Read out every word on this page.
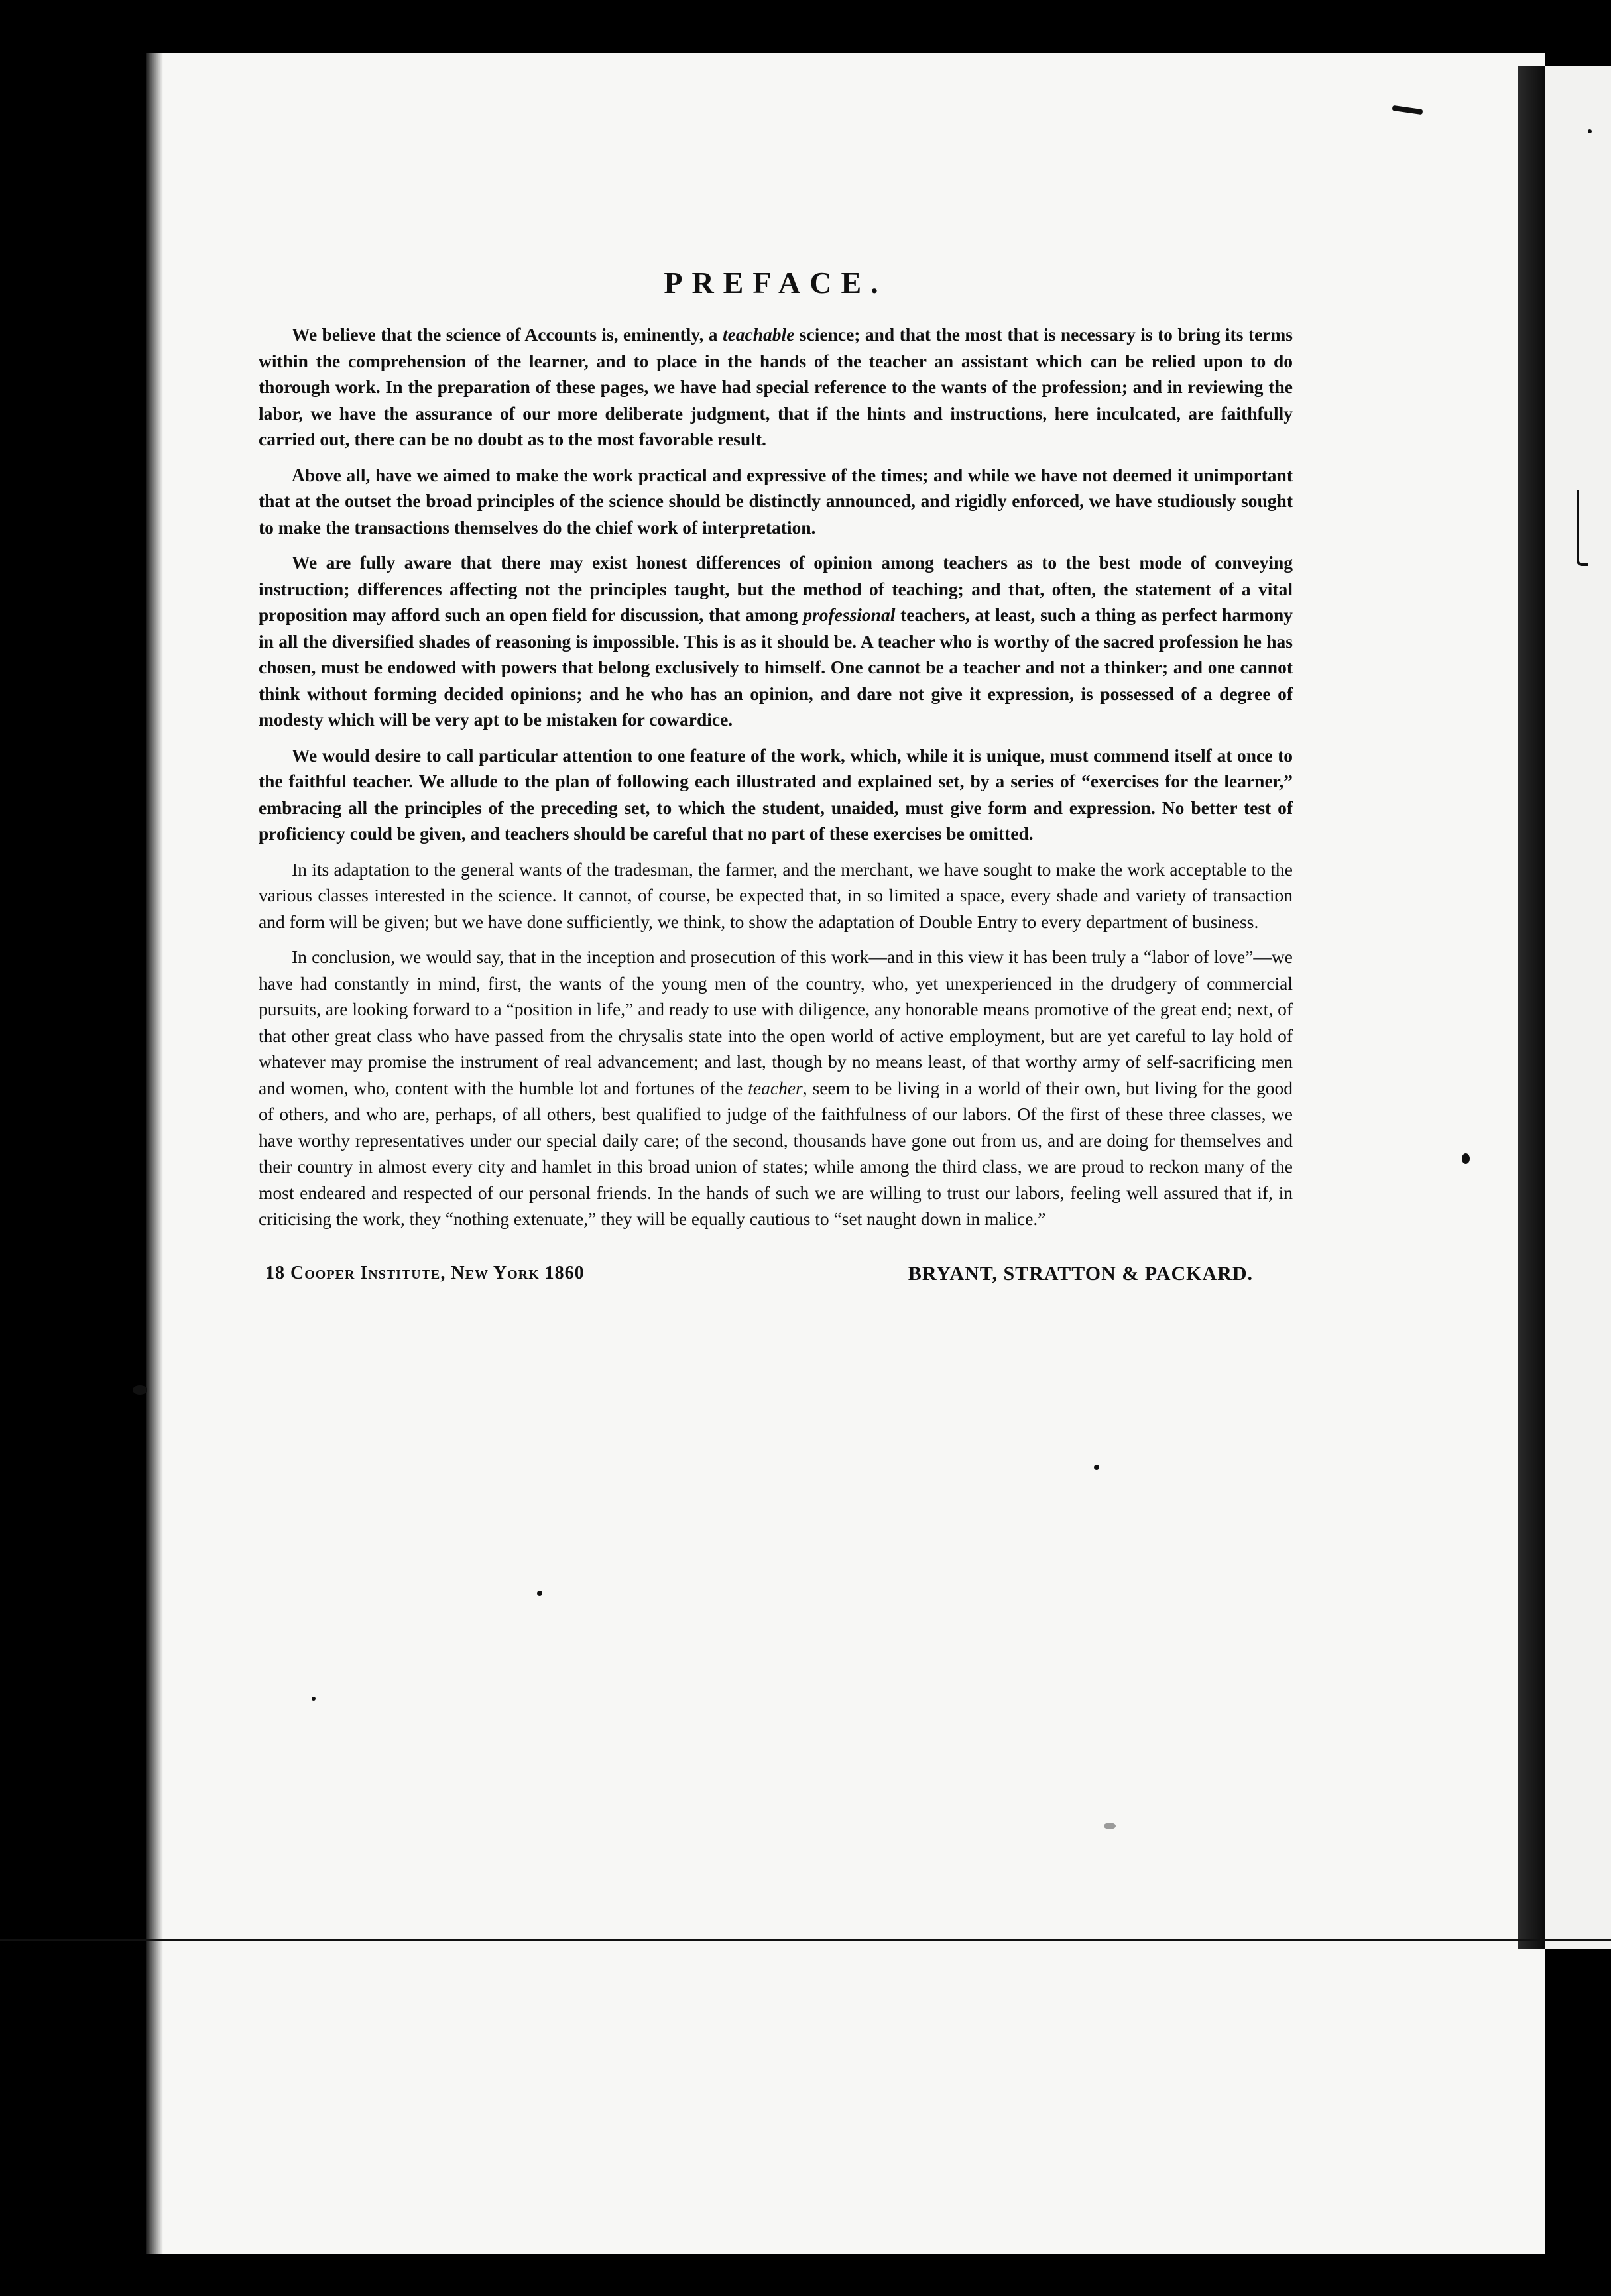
PREFACE.

We believe that the science of Accounts is, eminently, a teachable science; and that the most that is necessary is to bring its terms within the comprehension of the learner, and to place in the hands of the teacher an assistant which can be relied upon to do thorough work. In the preparation of these pages, we have had special reference to the wants of the profession; and in reviewing the labor, we have the assurance of our more deliberate judgment, that if the hints and instructions, here inculcated, are faithfully carried out, there can be no doubt as to the most favorable result.

Above all, have we aimed to make the work practical and expressive of the times; and while we have not deemed it unimportant that at the outset the broad principles of the science should be distinctly announced, and rigidly enforced, we have studiously sought to make the transactions themselves do the chief work of interpretation.

We are fully aware that there may exist honest differences of opinion among teachers as to the best mode of conveying instruction; differences affecting not the principles taught, but the method of teaching; and that, often, the statement of a vital proposition may afford such an open field for discussion, that among professional teachers, at least, such a thing as perfect harmony in all the diversified shades of reasoning is impossible. This is as it should be. A teacher who is worthy of the sacred profession he has chosen, must be endowed with powers that belong exclusively to himself. One cannot be a teacher and not a thinker; and one cannot think without forming decided opinions; and he who has an opinion, and dare not give it expression, is possessed of a degree of modesty which will be very apt to be mistaken for cowardice.

We would desire to call particular attention to one feature of the work, which, while it is unique, must commend itself at once to the faithful teacher. We allude to the plan of following each illustrated and explained set, by a series of “exercises for the learner,” embracing all the principles of the preceding set, to which the student, unaided, must give form and expression. No better test of proficiency could be given, and teachers should be careful that no part of these exercises be omitted.

In its adaptation to the general wants of the tradesman, the farmer, and the merchant, we have sought to make the work acceptable to the various classes interested in the science. It cannot, of course, be expected that, in so limited a space, every shade and variety of transaction and form will be given; but we have done sufficiently, we think, to show the adaptation of Double Entry to every department of business.

In conclusion, we would say, that in the inception and prosecution of this work—and in this view it has been truly a “labor of love”—we have had constantly in mind, first, the wants of the young men of the country, who, yet unexperienced in the drudgery of commercial pursuits, are looking forward to a “position in life,” and ready to use with diligence, any honorable means promotive of the great end; next, of that other great class who have passed from the chrysalis state into the open world of active employment, but are yet careful to lay hold of whatever may promise the instrument of real advancement; and last, though by no means least, of that worthy army of self-sacrificing men and women, who, content with the humble lot and fortunes of the teacher, seem to be living in a world of their own, but living for the good of others, and who are, perhaps, of all others, best qualified to judge of the faithfulness of our labors. Of the first of these three classes, we have worthy representatives under our special daily care; of the second, thousands have gone out from us, and are doing for themselves and their country in almost every city and hamlet in this broad union of states; while among the third class, we are proud to reckon many of the most endeared and respected of our personal friends. In the hands of such we are willing to trust our labors, feeling well assured that if, in criticising the work, they “nothing extenuate,” they will be equally cautious to “set naught down in malice.”

18 Cooper Institute, New York 1860	BRYANT, STRATTON & PACKARD.
